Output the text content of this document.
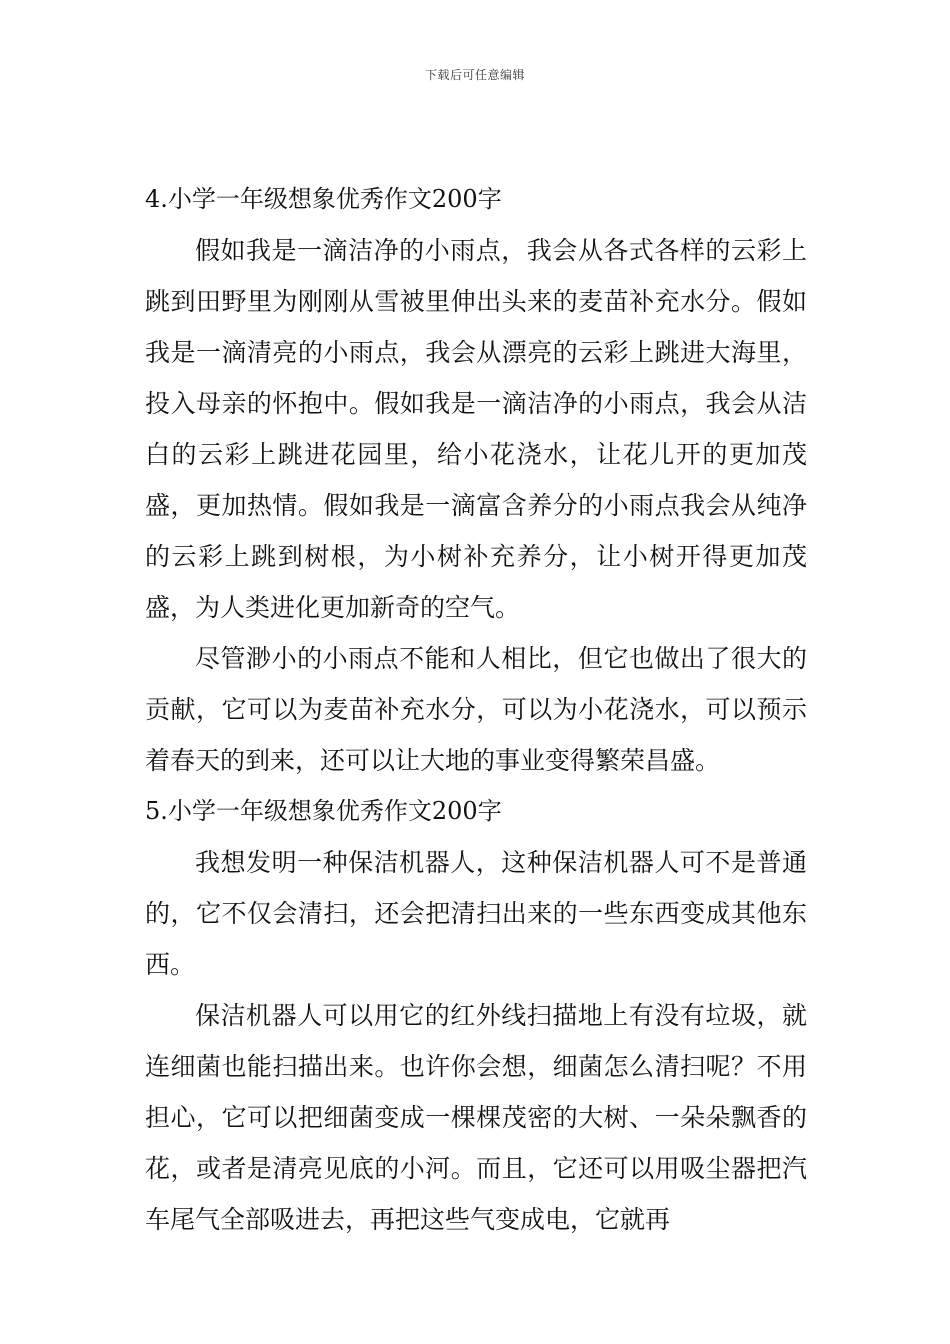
下载后可任意编辑
4.小学一年级想象优秀作文200字

假如我是一滴洁净的小雨点，我会从各式各样的云彩上跳到田野里为刚刚从雪被里伸出头来的麦苗补充水分。假如我是一滴清亮的小雨点，我会从漂亮的云彩上跳进大海里，投入母亲的怀抱中。假如我是一滴洁净的小雨点，我会从洁白的云彩上跳进花园里，给小花浇水，让花儿开的更加茂盛，更加热情。假如我是一滴富含养分的小雨点我会从纯净的云彩上跳到树根，为小树补充养分，让小树开得更加茂盛，为人类进化更加新奇的空气。

尽管渺小的小雨点不能和人相比，但它也做出了很大的贡献，它可以为麦苗补充水分，可以为小花浇水，可以预示着春天的到来，还可以让大地的事业变得繁荣昌盛。

5.小学一年级想象优秀作文200字

我想发明一种保洁机器人，这种保洁机器人可不是普通的，它不仅会清扫，还会把清扫出来的一些东西变成其他东西。

保洁机器人可以用它的红外线扫描地上有没有垃圾，就连细菌也能扫描出来。也许你会想，细菌怎么清扫呢？不用担心，它可以把细菌变成一棵棵茂密的大树、一朵朵飘香的花，或者是清亮见底的小河。而且，它还可以用吸尘器把汽车尾气全部吸进去，再把这些气变成电，它就再
